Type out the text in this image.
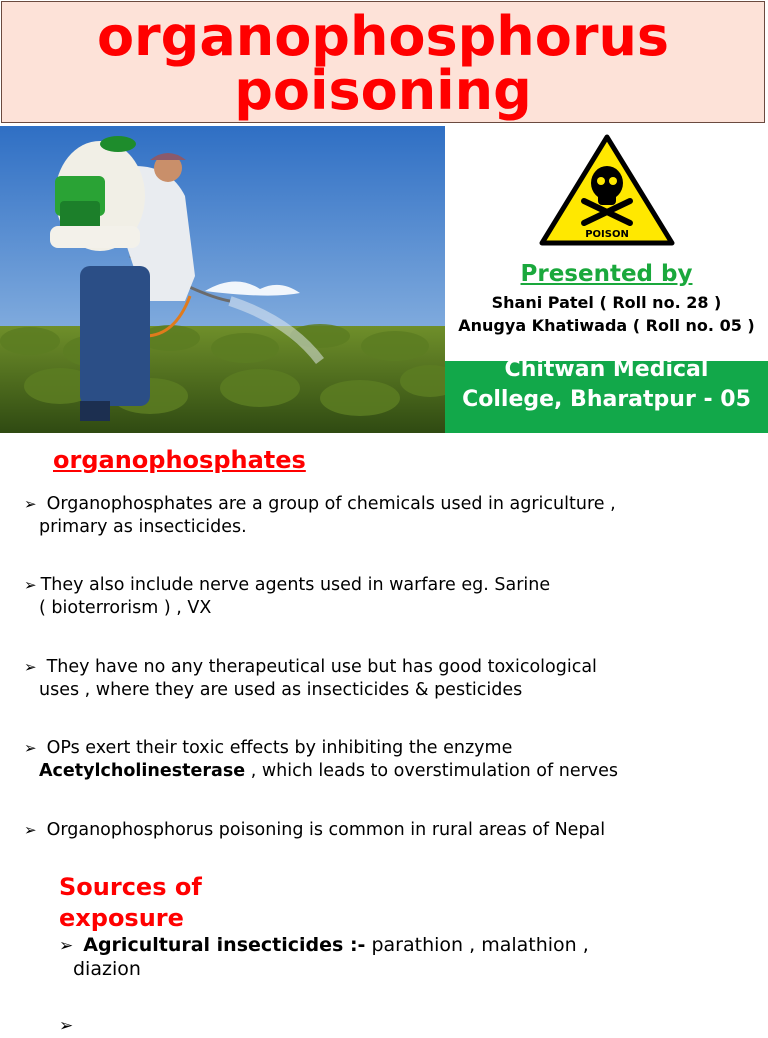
organophosphorus
poisoning
POISON
Presented by
Shani Patel ( Roll no. 28 )
Anugya Khatiwada ( Roll no. 05 )
Chitwan Medical College, Bharatpur - 05
organophosphates
➢ Organophosphates are a group of chemicals used in agriculture ,
primary as insecticides.
➢ They also include nerve agents used in warfare eg. Sarine
( bioterrorism ) , VX
➢ They have no any therapeutical use but has good toxicological
uses , where they are used as insecticides & pesticides
➢ OPs exert their toxic effects by inhibiting the enzyme
Acetylcholinesterase , which leads to overstimulation of nerves
➢ Organophosphorus poisoning is common in rural areas of Nepal
Sources of exposure
➢ Agricultural insecticides :- parathion , malathion ,
diazion
➢
